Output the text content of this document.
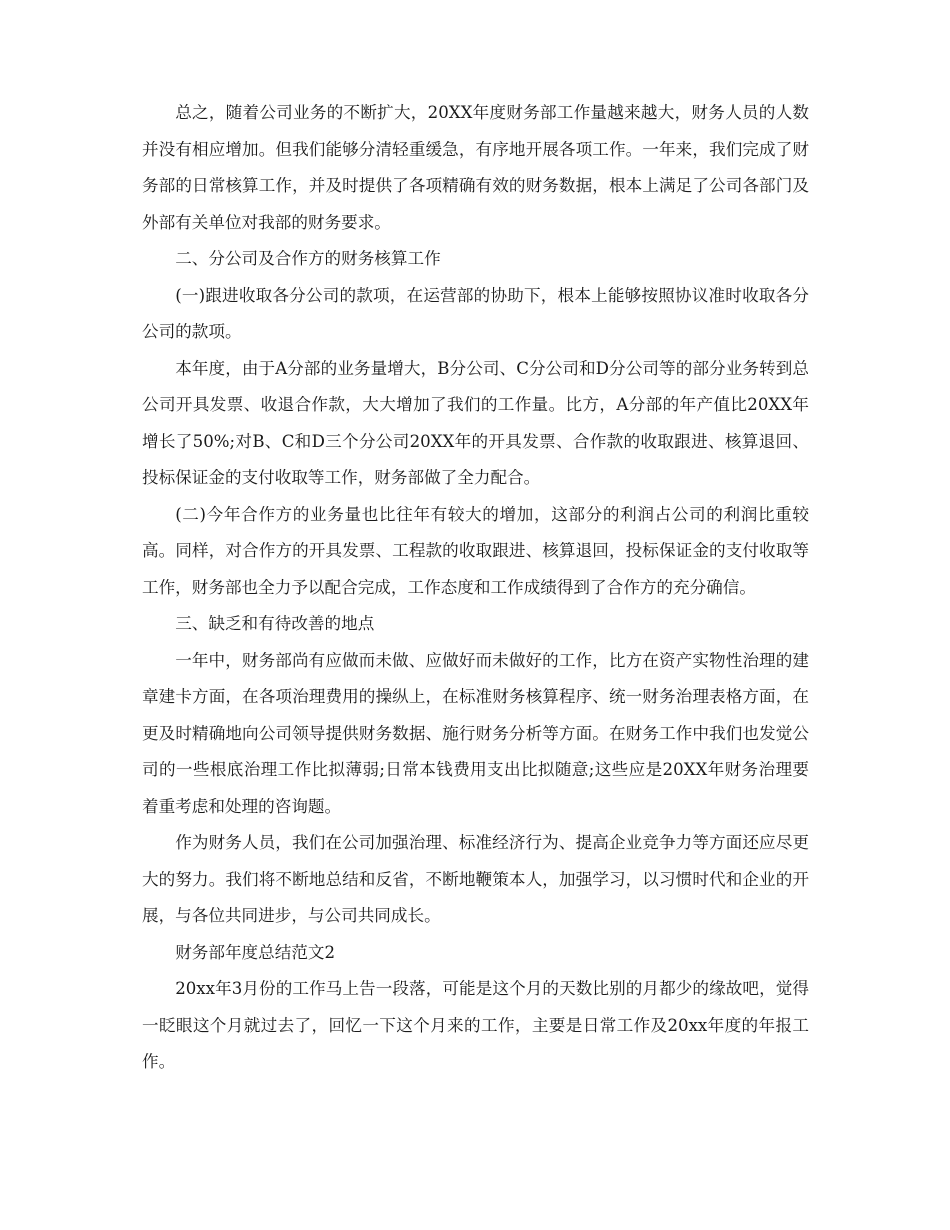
总之，随着公司业务的不断扩大，20XX年度财务部工作量越来越大，财务人员的人数并没有相应增加。但我们能够分清轻重缓急，有序地开展各项工作。一年来，我们完成了财务部的日常核算工作，并及时提供了各项精确有效的财务数据，根本上满足了公司各部门及外部有关单位对我部的财务要求。

二、分公司及合作方的财务核算工作

(一)跟进收取各分公司的款项，在运营部的协助下，根本上能够按照协议准时收取各分公司的款项。

本年度，由于A分部的业务量增大，B分公司、C分公司和D分公司等的部分业务转到总公司开具发票、收退合作款，大大增加了我们的工作量。比方，A分部的年产值比20XX年增长了50%;对B、C和D三个分公司20XX年的开具发票、合作款的收取跟进、核算退回、投标保证金的支付收取等工作，财务部做了全力配合。

(二)今年合作方的业务量也比往年有较大的增加，这部分的利润占公司的利润比重较高。同样，对合作方的开具发票、工程款的收取跟进、核算退回，投标保证金的支付收取等工作，财务部也全力予以配合完成，工作态度和工作成绩得到了合作方的充分确信。

三、缺乏和有待改善的地点

一年中，财务部尚有应做而未做、应做好而未做好的工作，比方在资产实物性治理的建章建卡方面，在各项治理费用的操纵上，在标准财务核算程序、统一财务治理表格方面，在更及时精确地向公司领导提供财务数据、施行财务分析等方面。在财务工作中我们也发觉公司的一些根底治理工作比拟薄弱;日常本钱费用支出比拟随意;这些应是20XX年财务治理要着重考虑和处理的咨询题。

作为财务人员，我们在公司加强治理、标准经济行为、提高企业竞争力等方面还应尽更大的努力。我们将不断地总结和反省，不断地鞭策本人，加强学习，以习惯时代和企业的开展，与各位共同进步，与公司共同成长。

财务部年度总结范文2

20xx年3月份的工作马上告一段落，可能是这个月的天数比别的月都少的缘故吧，觉得一眨眼这个月就过去了，回忆一下这个月来的工作，主要是日常工作及20xx年度的年报工作。
